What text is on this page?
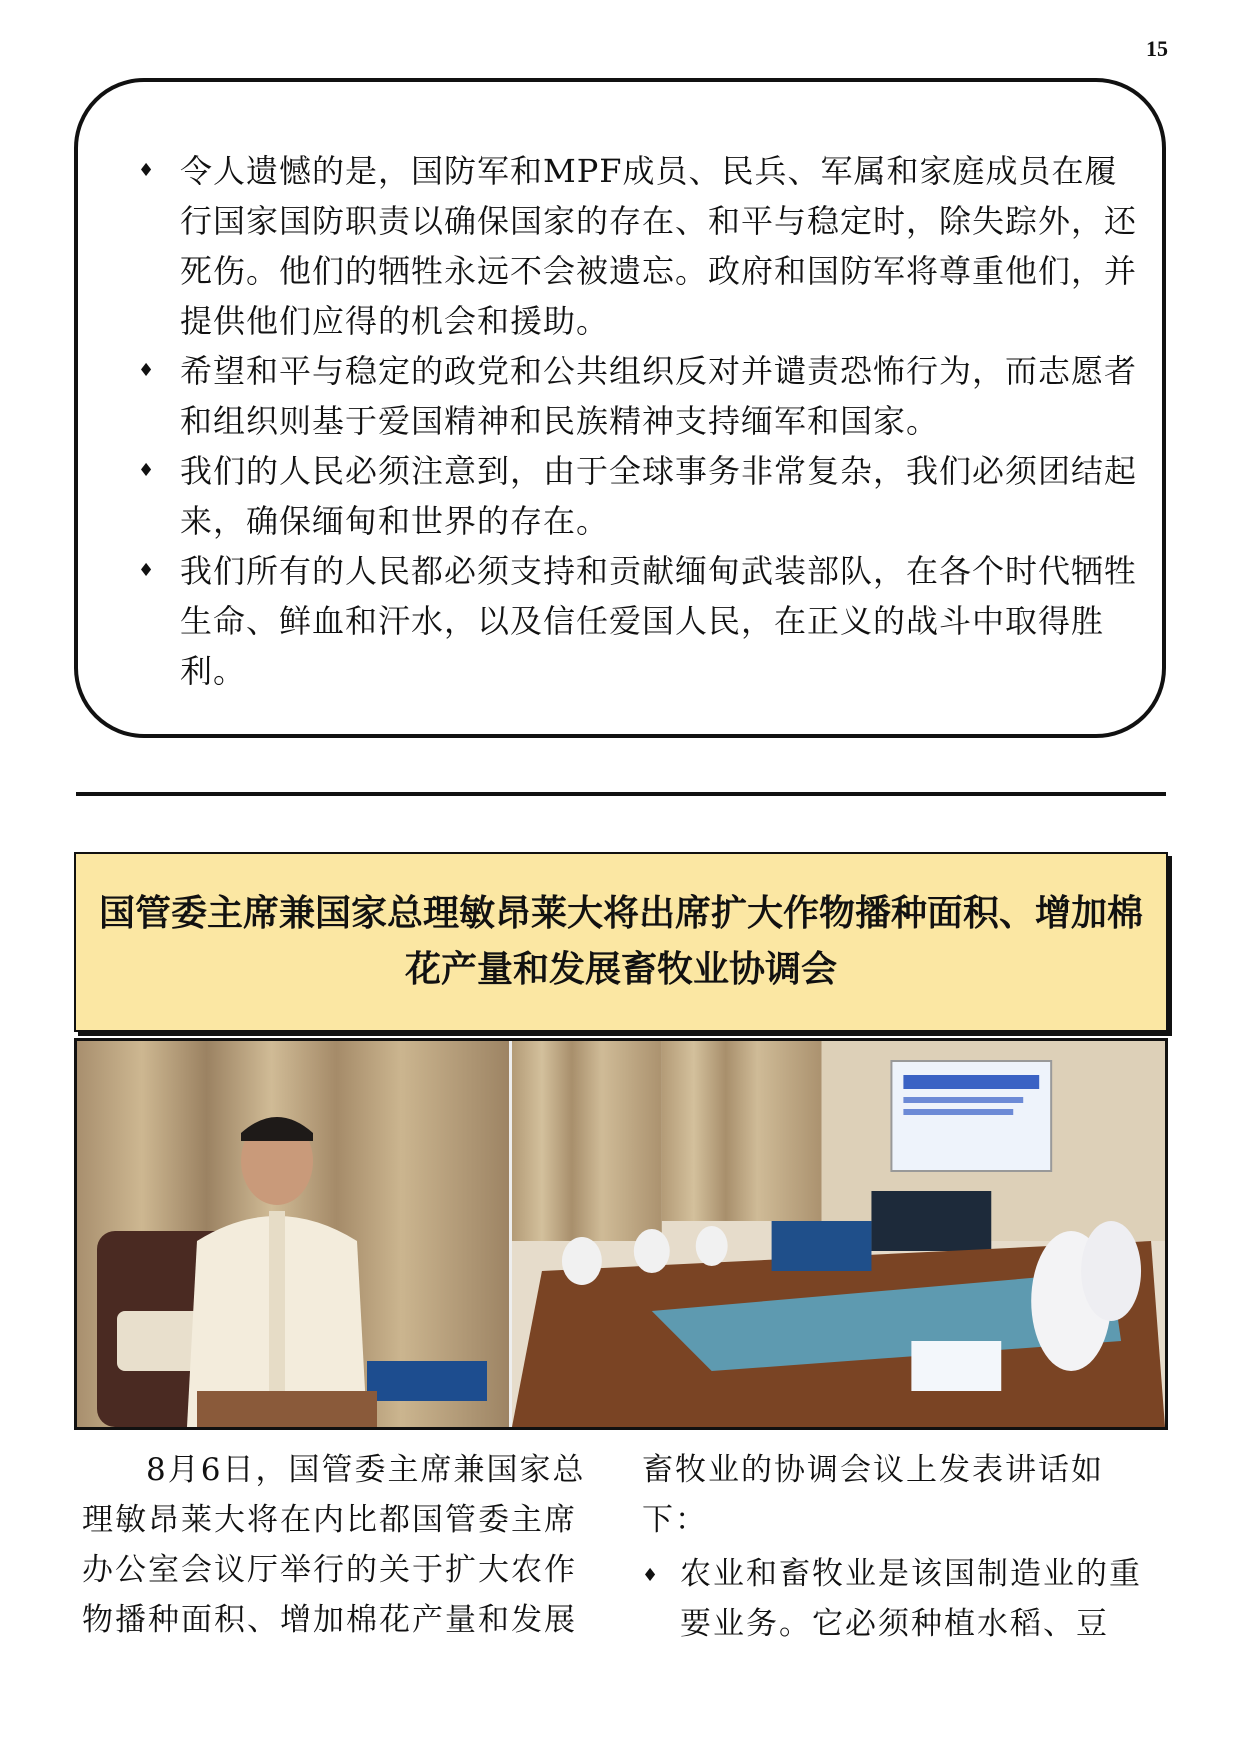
15
♦ 令人遗憾的是，国防军和MPF成员、民兵、军属和家庭成员在履行国家国防职责以确保国家的存在、和平与稳定时，除失踪外，还死伤。他们的牺牲永远不会被遗忘。政府和国防军将尊重他们，并提供他们应得的机会和援助。
♦ 希望和平与稳定的政党和公共组织反对并谴责恐怖行为，而志愿者和组织则基于爱国精神和民族精神支持缅军和国家。
♦ 我们的人民必须注意到，由于全球事务非常复杂，我们必须团结起来，确保缅甸和世界的存在。
♦ 我们所有的人民都必须支持和贡献缅甸武装部队，在各个时代牺牲生命、鲜血和汗水，以及信任爱国人民，在正义的战斗中取得胜利。
国管委主席兼国家总理敏昂莱大将出席扩大作物播种面积、增加棉花产量和发展畜牧业协调会
8月6日，国管委主席兼国家总理敏昂莱大将在内比都国管委主席办公室会议厅举行的关于扩大农作物播种面积、增加棉花产量和发展
畜牧业的协调会议上发表讲话如下：
♦ 农业和畜牧业是该国制造业的重要业务。它必须种植水稻、豆
